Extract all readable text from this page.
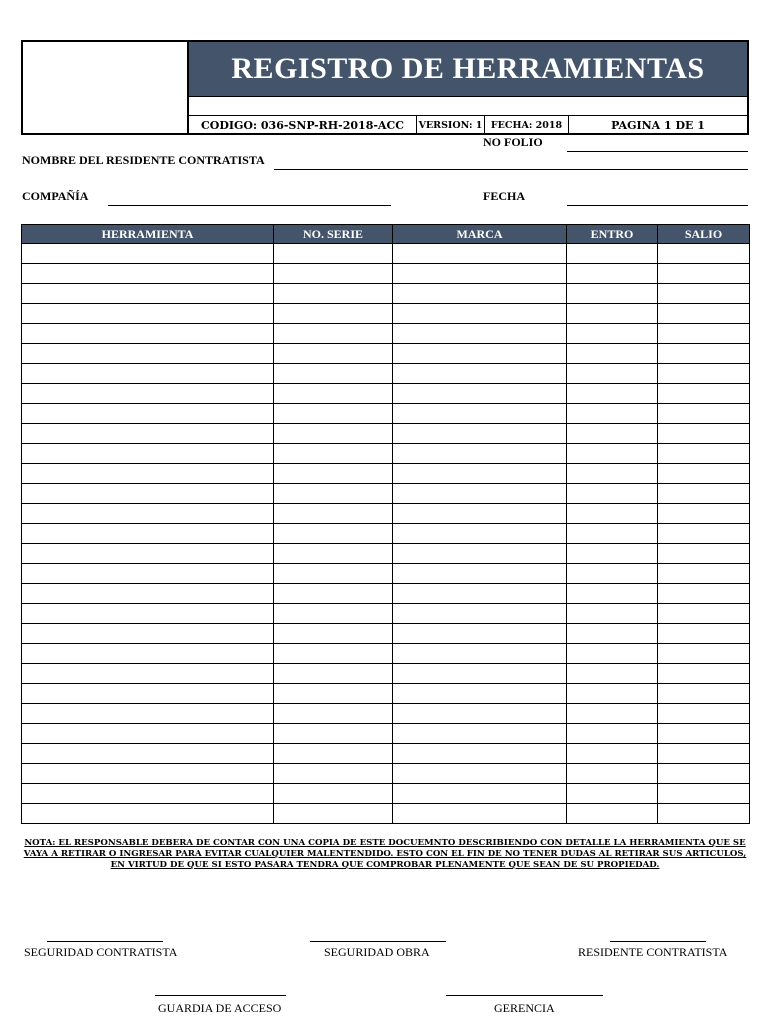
REGISTRO DE HERRAMIENTAS
CODIGO: 036-SNP-RH-2018-ACC	VERSION: 1 FECHA: 2018	PAGINA 1 DE 1
NO FOLIO
NOMBRE DEL RESIDENTE CONTRATISTA
COMPAÑÍA	FECHA
HERRAMIENTA	NO. SERIE	MARCA	ENTRO	SALIO

NOTA: EL RESPONSABLE DEBERA DE CONTAR CON UNA COPIA DE ESTE DOCUEMNTO DESCRIBIENDO CON DETALLE LA HERRAMIENTA QUE SE VAYA A RETIRAR O INGRESAR PARA EVITAR CUALQUIER MALENTENDIDO. ESTO CON EL FIN DE NO TENER DUDAS AL RETIRAR SUS ARTICULOS, EN VIRTUD DE QUE SI ESTO PASARA TENDRA QUE COMPROBAR PLENAMENTE QUE SEAN DE SU PROPIEDAD.
SEGURIDAD CONTRATISTA	SEGURIDAD OBRA	RESIDENTE CONTRATISTA
GUARDIA DE ACCESO	GERENCIA
